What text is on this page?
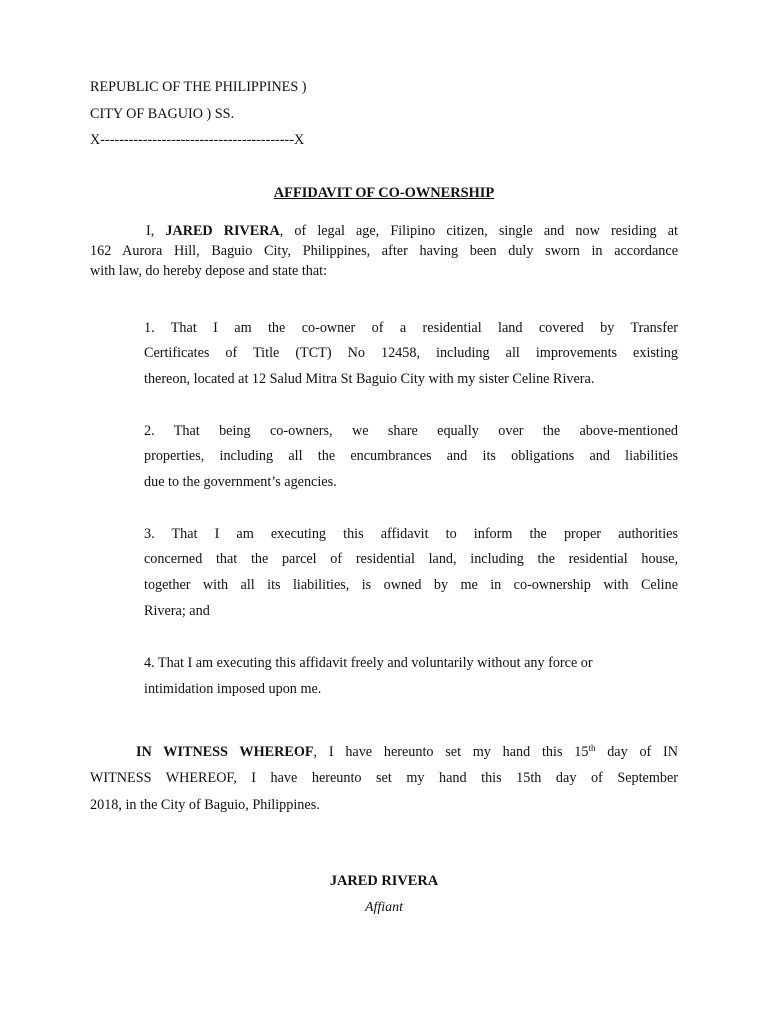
REPUBLIC OF THE PHILIPPINES )
CITY OF BAGUIO ) SS.
X-----------------------------------------X
AFFIDAVIT OF CO-OWNERSHIP
I, JARED RIVERA, of legal age, Filipino citizen, single and now residing at
162 Aurora Hill, Baguio City, Philippines, after having been duly sworn in accordance
with law, do hereby depose and state that:
1. That I am the co-owner of a residential land covered by Transfer
Certificates of Title (TCT) No 12458, including all improvements existing
thereon, located at 12 Salud Mitra St Baguio City with my sister Celine Rivera.
2. That being co-owners, we share equally over the above-mentioned
properties, including all the encumbrances and its obligations and liabilities
due to the government’s agencies.
3. That I am executing this affidavit to inform the proper authorities
concerned that the parcel of residential land, including the residential house,
together with all its liabilities, is owned by me in co-ownership with Celine
Rivera; and
4. That I am executing this affidavit freely and voluntarily without any force or
intimidation imposed upon me.
IN WITNESS WHEREOF, I have hereunto set my hand this 15th day of IN
WITNESS WHEREOF, I have hereunto set my hand this 15th day of September
2018, in the City of Baguio, Philippines.
JARED RIVERA
Affiant
